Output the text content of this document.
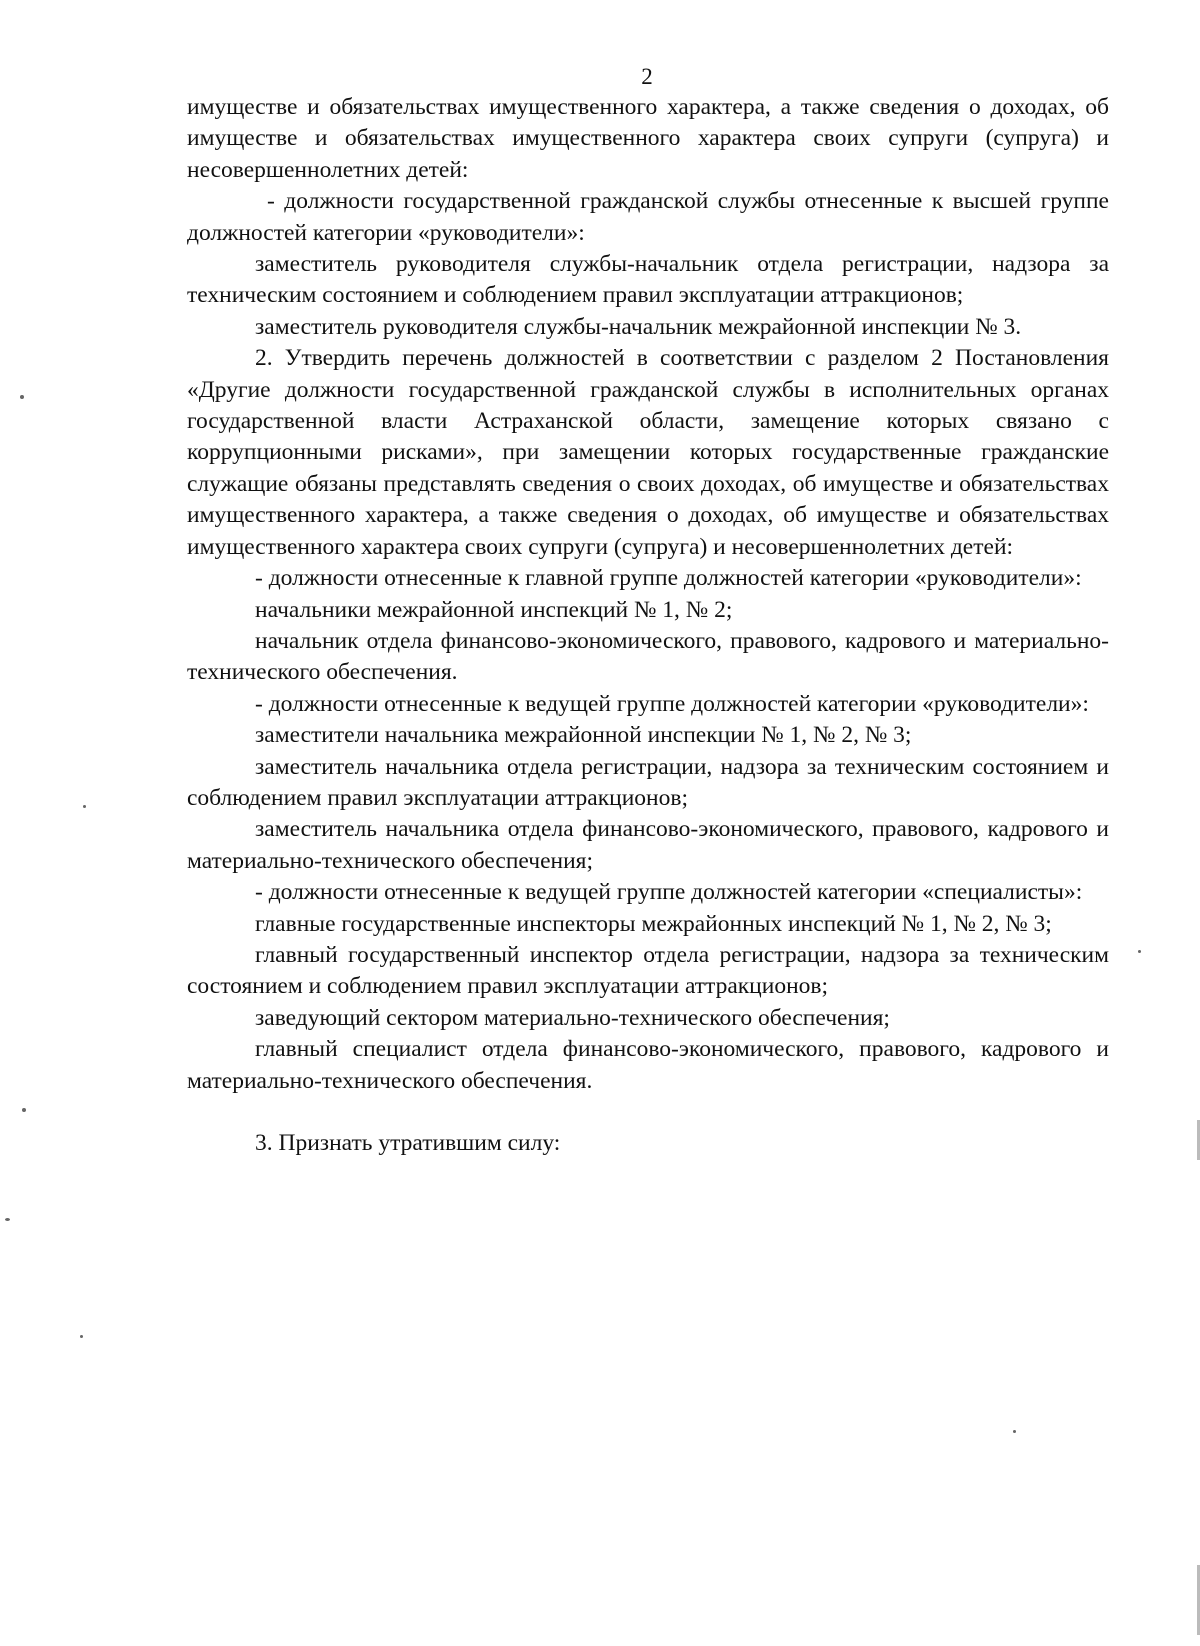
2

имуществе и обязательствах имущественного характера, а также сведения о доходах, об имуществе и обязательствах имущественного характера своих супруги (супруга) и несовершеннолетних детей:

- должности государственной гражданской службы отнесенные к высшей группе должностей категории «руководители»:

заместитель руководителя службы-начальник отдела регистрации, надзора за техническим состоянием и соблюдением правил эксплуатации аттракционов;

заместитель руководителя службы-начальник межрайонной инспекции № 3.

2. Утвердить перечень должностей в соответствии с разделом 2 Постановления «Другие должности государственной гражданской службы в исполнительных органах государственной власти Астраханской области, замещение которых связано с коррупционными рисками», при замещении которых государственные гражданские служащие обязаны представлять сведения о своих доходах, об имуществе и обязательствах имущественного характера, а также сведения о доходах, об имуществе и обязательствах имущественного характера своих супруги (супруга) и несовершеннолетних детей:

- должности отнесенные к главной группе должностей категории «руководители»:

начальники межрайонной инспекций № 1, № 2;

начальник отдела финансово-экономического, правового, кадрового и материально-технического обеспечения.

- должности отнесенные к ведущей группе должностей категории «руководители»:

заместители начальника межрайонной инспекции № 1, № 2, № 3;

заместитель начальника отдела регистрации, надзора за техническим состоянием и соблюдением правил эксплуатации аттракционов;

заместитель начальника отдела финансово-экономического, правового, кадрового и материально-технического обеспечения;

- должности отнесенные к ведущей группе должностей категории «специалисты»:

главные государственные инспекторы межрайонных инспекций № 1, № 2, № 3;

главный государственный инспектор отдела регистрации, надзора за техническим состоянием и соблюдением правил эксплуатации аттракционов;

заведующий сектором материально-технического обеспечения;

главный специалист отдела финансово-экономического, правового, кадрового и материально-технического обеспечения.

3. Признать утратившим силу:
